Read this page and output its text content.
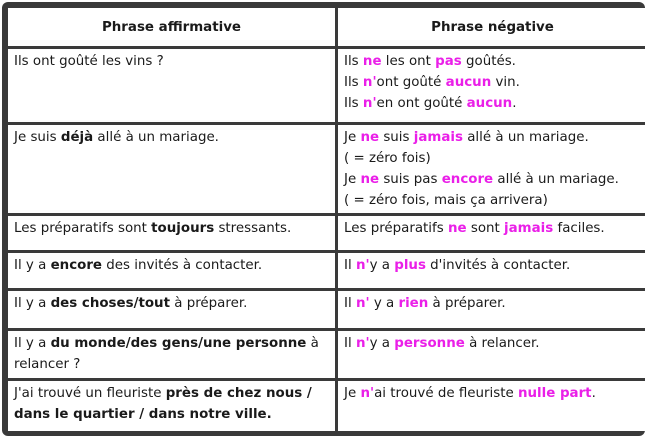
Phrase affirmative	Phrase négative

Ils ont goûté les vins ?	Ils ne les ont pas goûtés.
Ils n'ont goûté aucun vin.
Ils n'en ont goûté aucun.

Je suis déjà allé à un mariage.	Je ne suis jamais allé à un mariage.
( = zéro fois)
Je ne suis pas encore allé à un mariage.
( = zéro fois, mais ça arrivera)

Les préparatifs sont toujours stressants.	Les préparatifs ne sont jamais faciles.

Il y a encore des invités à contacter.	Il n'y a plus d'invités à contacter.

Il y a des choses/tout à préparer.	Il n' y a rien à préparer.

Il y a du monde/des gens/une personne à relancer ?	Il n'y a personne à relancer.

J'ai trouvé un fleuriste près de chez nous / dans le quartier / dans notre ville.	Je n'ai trouvé de fleuriste nulle part.
